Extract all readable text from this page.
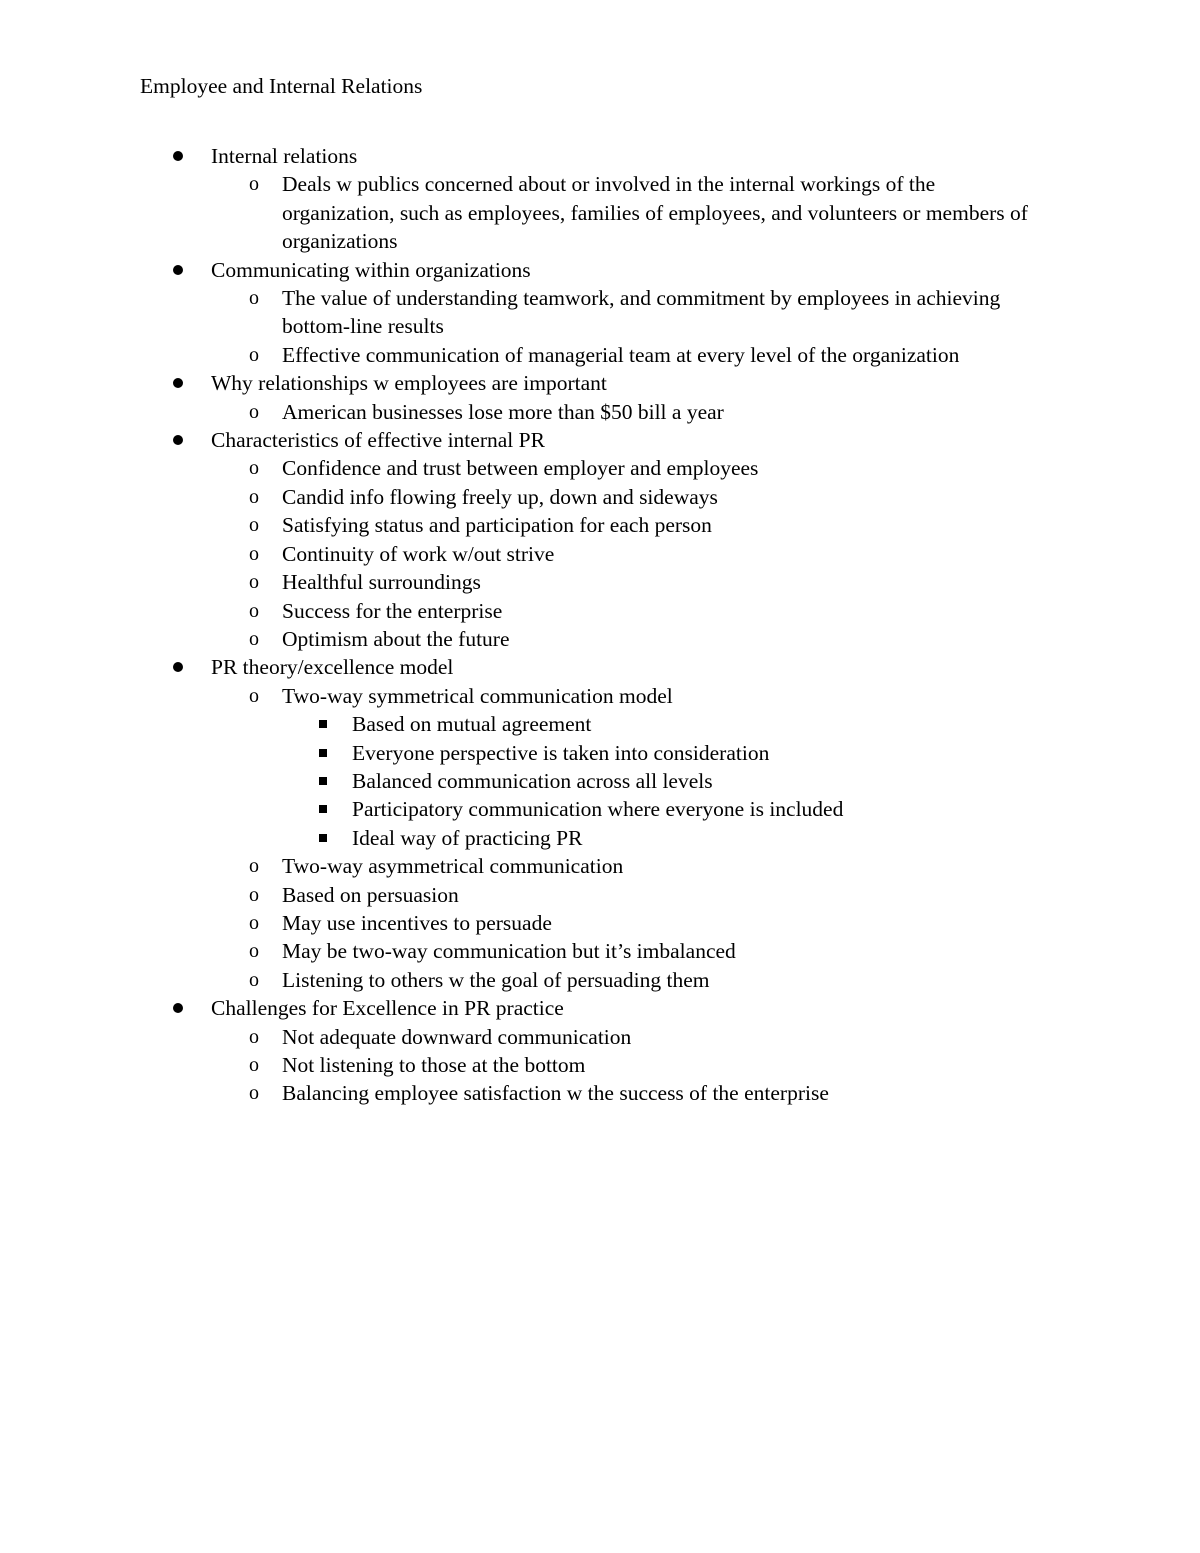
Employee and Internal Relations
Internal relations
o Deals w publics concerned about or involved in the internal workings of the organization, such as employees, families of employees, and volunteers or members of organizations
Communicating within organizations
o The value of understanding teamwork, and commitment by employees in achieving bottom-line results
o Effective communication of managerial team at every level of the organization
Why relationships w employees are important
o American businesses lose more than $50 bill a year
Characteristics of effective internal PR
o Confidence and trust between employer and employees
o Candid info flowing freely up, down and sideways
o Satisfying status and participation for each person
o Continuity of work w/out strive
o Healthful surroundings
o Success for the enterprise
o Optimism about the future
PR theory/excellence model
o Two-way symmetrical communication model
Based on mutual agreement
Everyone perspective is taken into consideration
Balanced communication across all levels
Participatory communication where everyone is included
Ideal way of practicing PR
o Two-way asymmetrical communication
o Based on persuasion
o May use incentives to persuade
o May be two-way communication but it’s imbalanced
o Listening to others w the goal of persuading them
Challenges for Excellence in PR practice
o Not adequate downward communication
o Not listening to those at the bottom
o Balancing employee satisfaction w the success of the enterprise
